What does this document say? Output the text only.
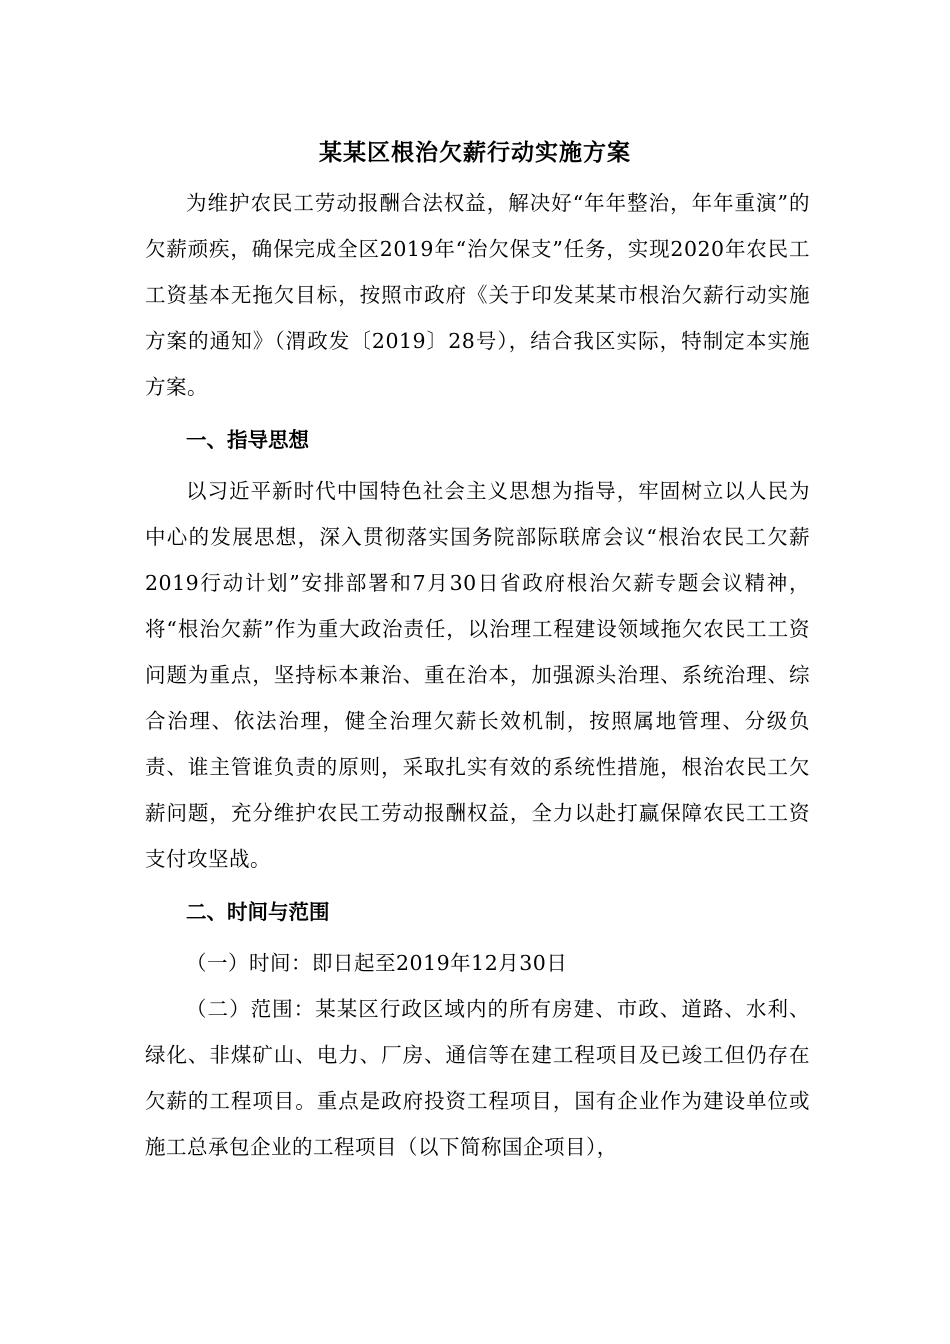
某某区根治欠薪行动实施方案

为维护农民工劳动报酬合法权益，解决好“年年整治，年年重演”的欠薪顽疾，确保完成全区2019年“治欠保支”任务，实现2020年农民工工资基本无拖欠目标，按照市政府《关于印发某某市根治欠薪行动实施方案的通知》（渭政发〔2019〕28号），结合我区实际，特制定本实施方案。

一、指导思想

以习近平新时代中国特色社会主义思想为指导，牢固树立以人民为中心的发展思想，深入贯彻落实国务院部际联席会议“根治农民工欠薪2019行动计划”安排部署和7月30日省政府根治欠薪专题会议精神，将“根治欠薪”作为重大政治责任，以治理工程建设领域拖欠农民工工资问题为重点，坚持标本兼治、重在治本，加强源头治理、系统治理、综合治理、依法治理，健全治理欠薪长效机制，按照属地管理、分级负责、谁主管谁负责的原则，采取扎实有效的系统性措施，根治农民工欠薪问题，充分维护农民工劳动报酬权益，全力以赴打赢保障农民工工资支付攻坚战。

二、时间与范围

（一）时间：即日起至2019年12月30日

（二）范围：某某区行政区域内的所有房建、市政、道路、水利、绿化、非煤矿山、电力、厂房、通信等在建工程项目及已竣工但仍存在欠薪的工程项目。重点是政府投资工程项目，国有企业作为建设单位或施工总承包企业的工程项目（以下简称国企项目），
